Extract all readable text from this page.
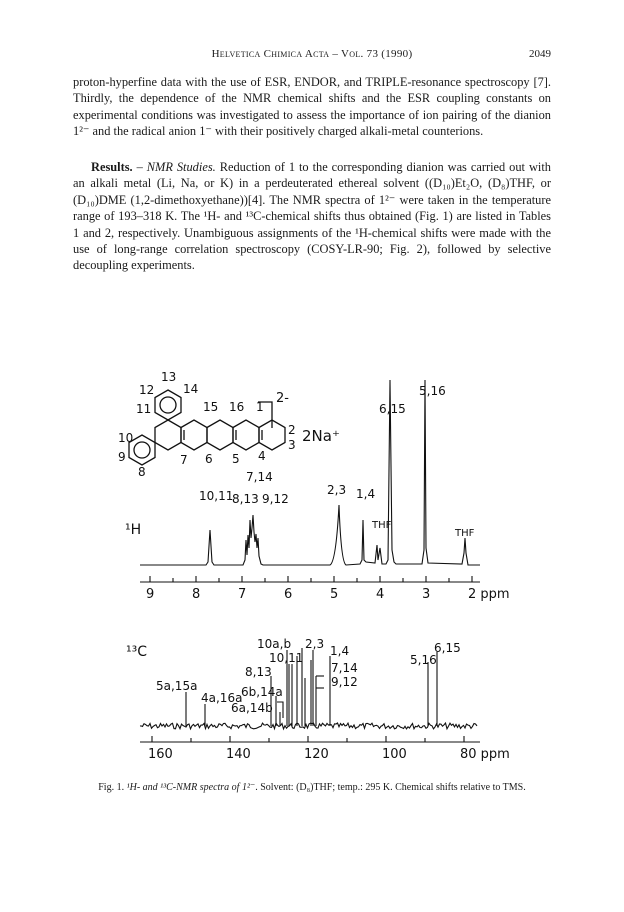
Helvetica Chimica Acta – Vol. 73 (1990)	2049

proton-hyperfine data with the use of ESR, ENDOR, and TRIPLE-resonance spectroscopy [7]. Thirdly, the dependence of the NMR chemical shifts and the ESR coupling constants on experimental conditions was investigated to assess the importance of ion pairing of the dianion 1²⁻ and the radical anion 1⁻ with their positively charged alkali-metal counterions.

Results. – NMR Studies. Reduction of 1 to the corresponding dianion was carried out with an alkali metal (Li, Na, or K) in a perdeuterated ethereal solvent ((D₁₀)Et₂O, (D₈)THF, or (D₁₀)DME (1,2-dimethoxyethane))[4]. The NMR spectra of 1²⁻ were taken in the temperature range of 193–318 K. The ¹H- and ¹³C-chemical shifts thus obtained (Fig. 1) are listed in Tables 1 and 2, respectively. Unambiguous assignments of the ¹H-chemical shifts were made with the use of long-range correlation spectroscopy (COSY-LR-90; Fig. 2), followed by selective decoupling experiments.

13
12 14
11	15 16 1
2
3
10
7 6 5 4
9
8
2-
2Na⁺
¹H
10,11
8,13
7,14
9,12
2,3 1,4
6,15
5,16
THF
THF
9	8	7	6	5	4	3	2 ppm
¹³C
5a,15a
4a,16a
8,13
6b,14a
6a,14b
10a,b
10,11
2,3 1,4
7,14
9,12
5,16
6,15
160	140	120	100	80 ppm
Fig. 1. ¹H- and ¹³C-NMR spectra of 1²⁻. Solvent: (D₈)THF; temp.: 295 K. Chemical shifts relative to TMS.
